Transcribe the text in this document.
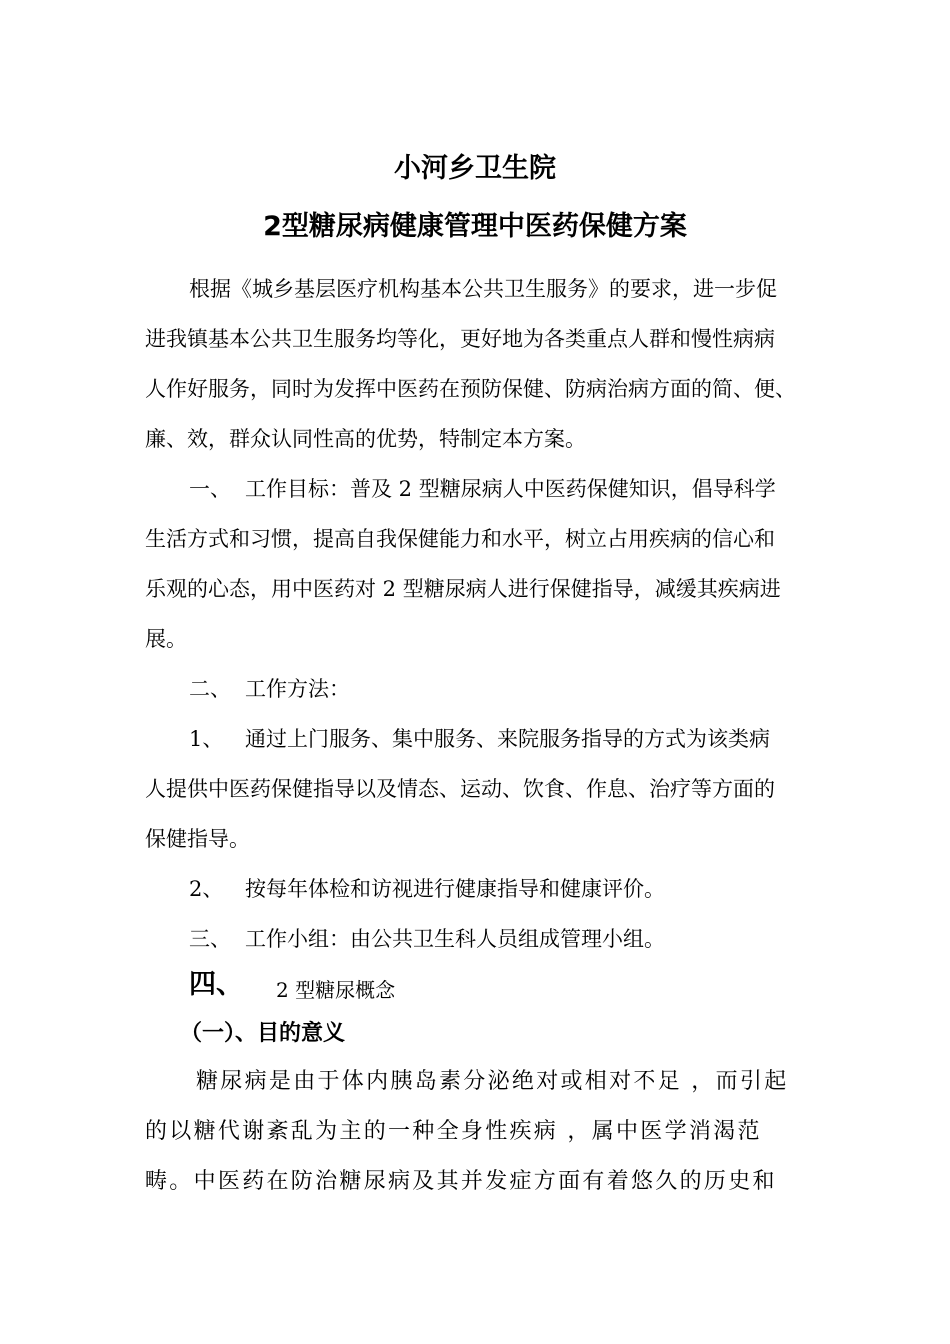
小河乡卫生院
2型糖尿病健康管理中医药保健方案
根据《城乡基层医疗机构基本公共卫生服务》的要求，进一步促
进我镇基本公共卫生服务均等化，更好地为各类重点人群和慢性病病
人作好服务，同时为发挥中医药在预防保健、防病治病方面的简、便、
廉、效，群众认同性高的优势，特制定本方案。
一、 工作目标：普及 2 型糖尿病人中医药保健知识，倡导科学
生活方式和习惯，提高自我保健能力和水平，树立占用疾病的信心和
乐观的心态，用中医药对 2 型糖尿病人进行保健指导，减缓其疾病进
展。
二、 工作方法：
1、 通过上门服务、集中服务、来院服务指导的方式为该类病
人提供中医药保健指导以及情态、运动、饮食、作息、治疗等方面的
保健指导。
2、 按每年体检和访视进行健康指导和健康评价。
三、 工作小组：由公共卫生科人员组成管理小组。
四、 2 型糖尿概念
（一）、目的意义
糖尿病是由于体内胰岛素分泌绝对或相对不足 ，而引起
的以糖代谢紊乱为主的一种全身性疾病 ，属中医学消渴范
畴。中医药在防治糖尿病及其并发症方面有着悠久的历史和
